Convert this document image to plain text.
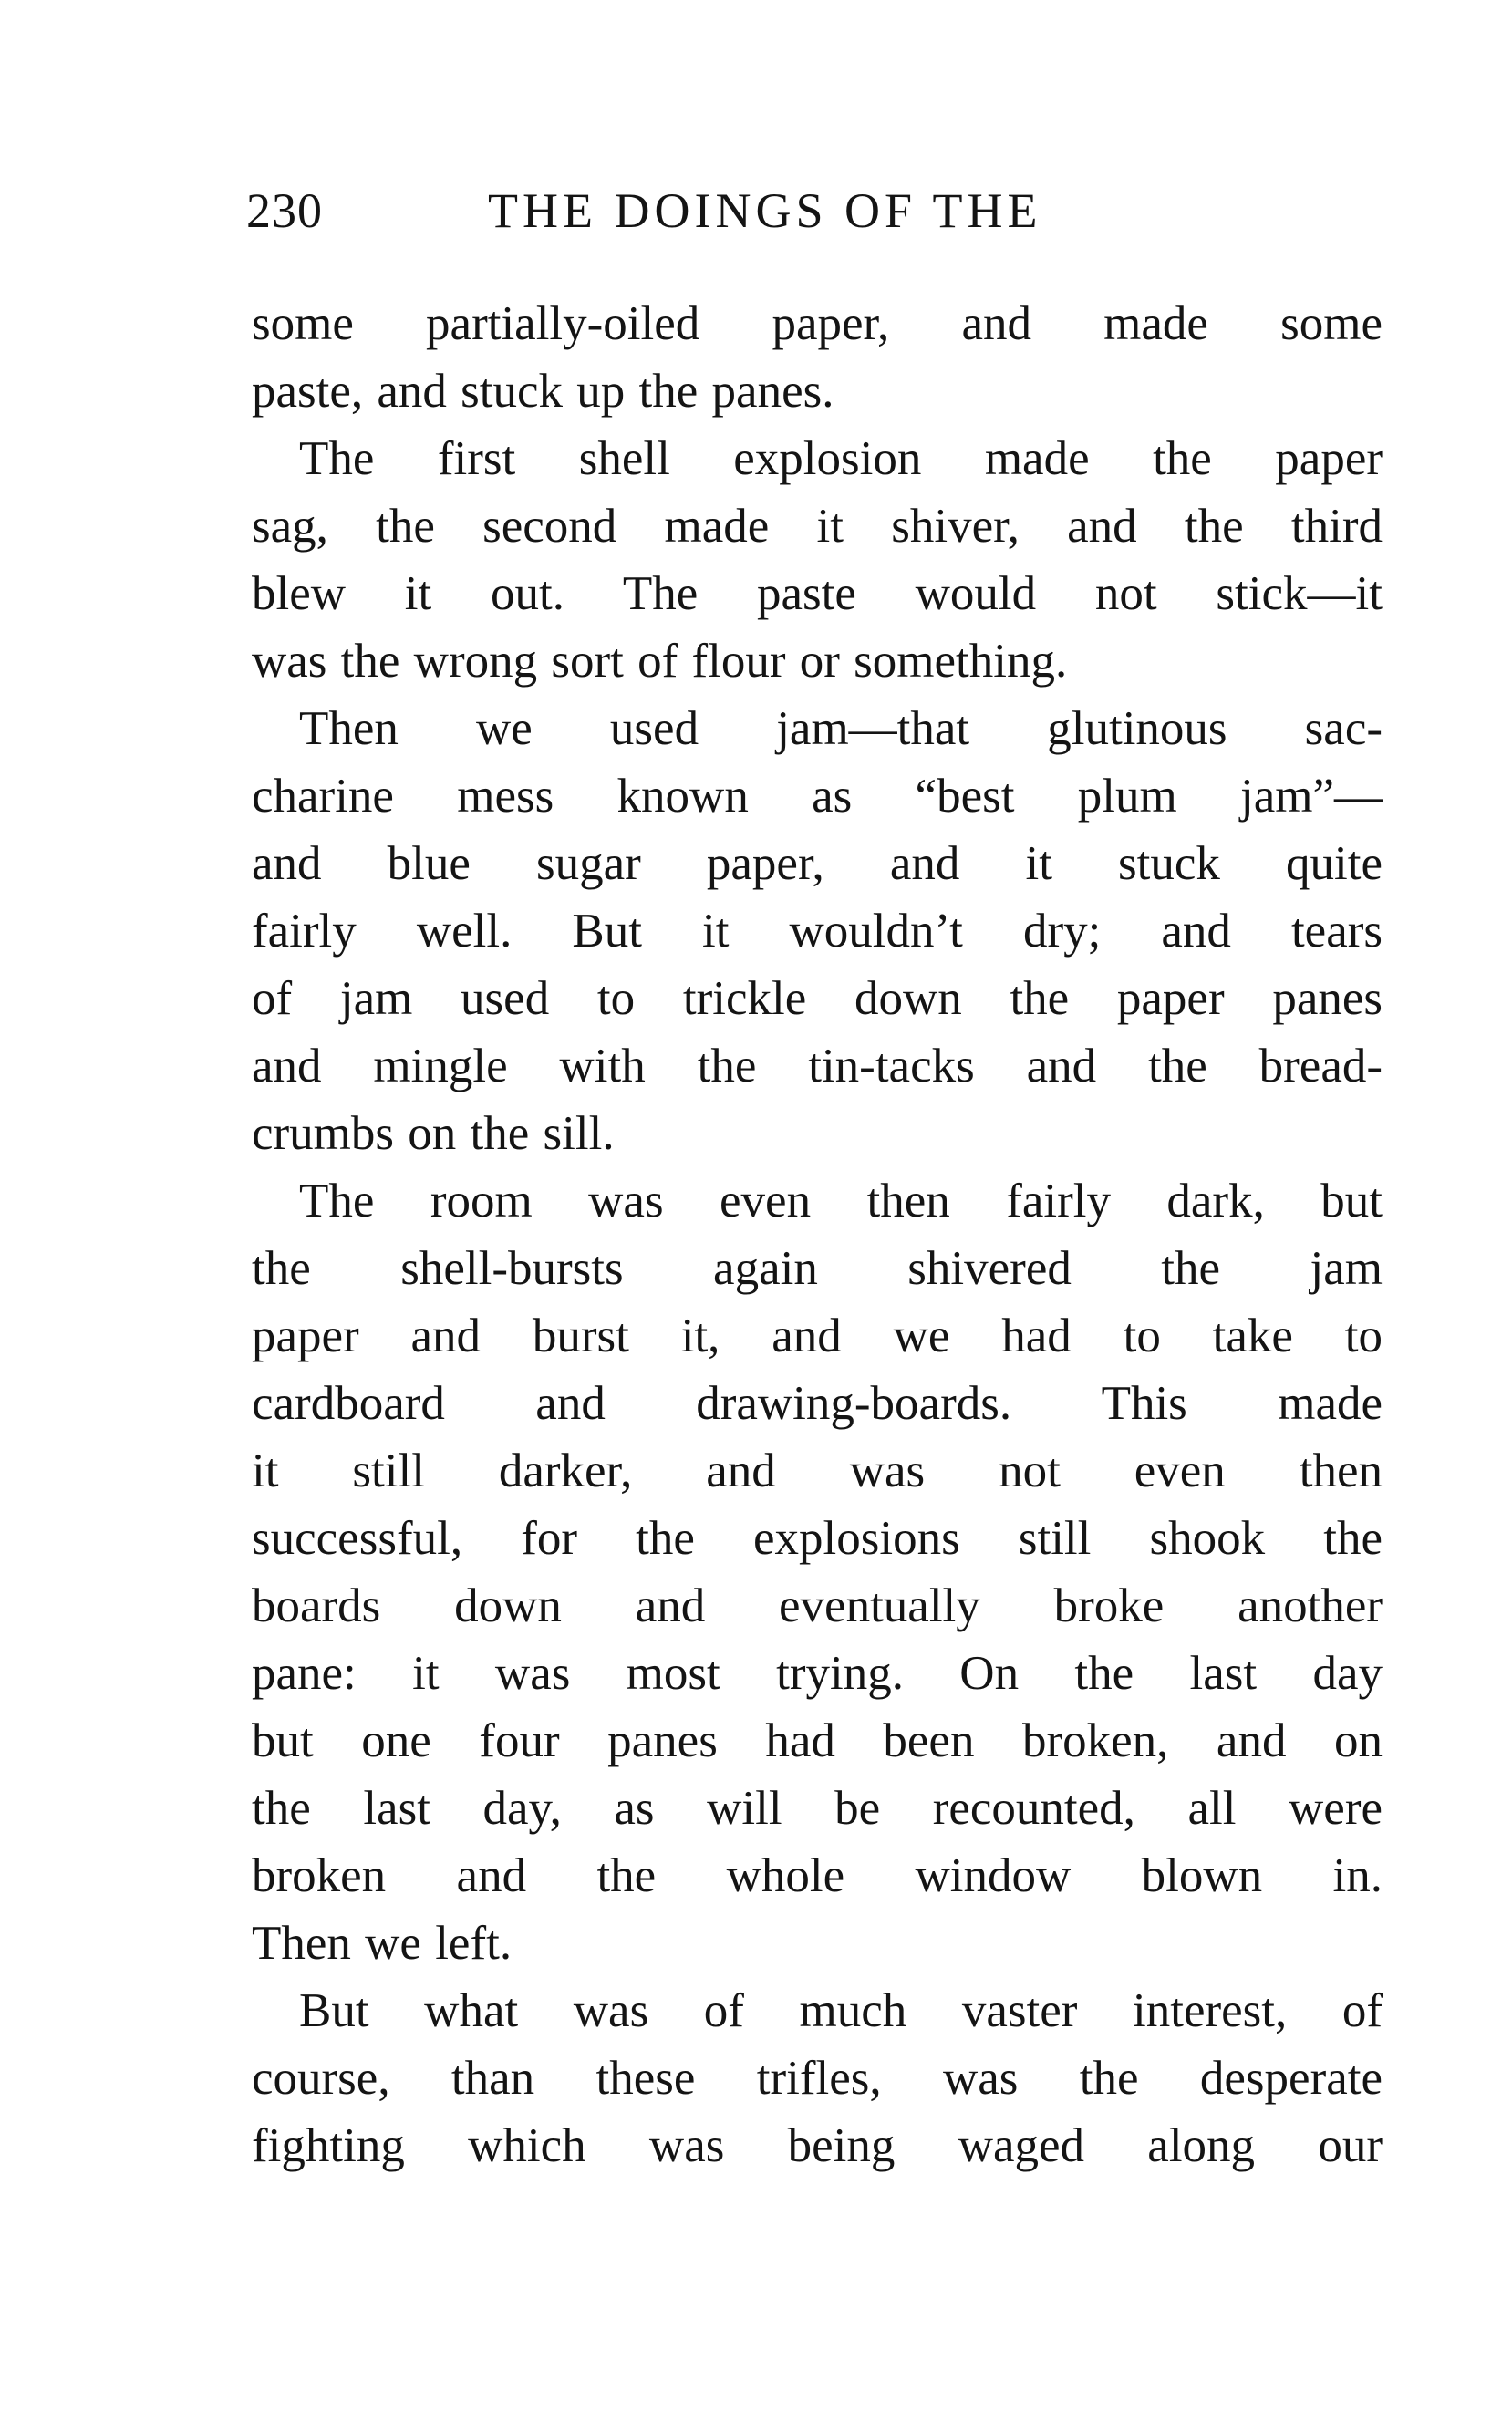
230	THE DOINGS OF THE
some partially-oiled paper, and made some
paste, and stuck up the panes.
The first shell explosion made the paper
sag, the second made it shiver, and the third
blew it out. The paste would not stick—it
was the wrong sort of flour or something.
Then we used jam—that glutinous sac-
charine mess known as “best plum jam”—
and blue sugar paper, and it stuck quite
fairly well. But it wouldn’t dry; and tears
of jam used to trickle down the paper panes
and mingle with the tin-tacks and the bread-
crumbs on the sill.
The room was even then fairly dark, but
the shell-bursts again shivered the jam
paper and burst it, and we had to take to
cardboard and drawing-boards. This made
it still darker, and was not even then
successful, for the explosions still shook the
boards down and eventually broke another
pane: it was most trying. On the last day
but one four panes had been broken, and on
the last day, as will be recounted, all were
broken and the whole window blown in.
Then we left.
But what was of much vaster interest, of
course, than these trifles, was the desperate
fighting which was being waged along our
